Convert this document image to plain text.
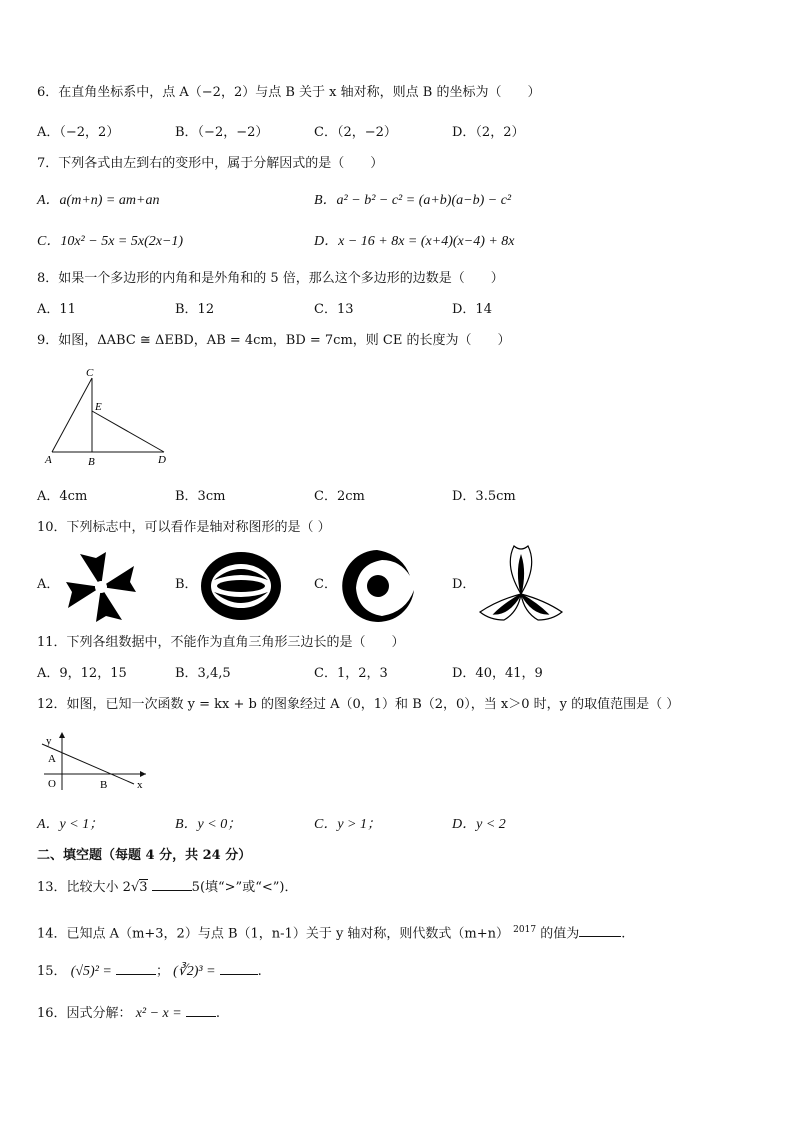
6．在直角坐标系中，点 A（−2，2）与点 B 关于 x 轴对称，则点 B 的坐标为（　　）
A．（−2，2）	B．（−2，−2）	C．（2，−2）	D．（2，2）
7．下列各式由左到右的变形中，属于分解因式的是（　　）
A．a(m+n) = am+an	B．a² − b² − c² = (a+b)(a−b) − c²
C．10x² − 5x = 5x(2x−1)	D．x − 16 + 8x = (x+4)(x−4) + 8x
8．如果一个多边形的内角和是外角和的 5 倍，那么这个多边形的边数是（　　）
A．11	B．12	C．13	D．14
9．如图，ΔABC ≅ ΔEBD，AB = 4cm，BD = 7cm，则 CE 的长度为（　　）
C
E
A	B	D
A．4cm	B．3cm	C．2cm	D．3.5cm
10．下列标志中，可以看作是轴对称图形的是（ ）
A．	B．	C．	D．
11．下列各组数据中，不能作为直角三角形三边长的是（　　）
A．9，12，15	B．3,4,5	C．1，2，3	D．40，41，9
12．如图，已知一次函数 y = kx + b 的图象经过 A（0，1）和 B（2，0），当 x＞0 时，y 的取值范围是（ ）
y
A
O	B	x
A．y < 1；	B．y < 0；	C．y > 1；	D．y < 2
二、填空题（每题 4 分，共 24 分）
13．比较大小 2√3	5(填“>”或“<”)．
14．已知点 A（m+3，2）与点 B（1，n-1）关于 y 轴对称，则代数式（m+n） $^{2017}$ 的值为	.
15． (√5)² =	； (∛2)³ =	.
16．因式分解： x² − x =	.
